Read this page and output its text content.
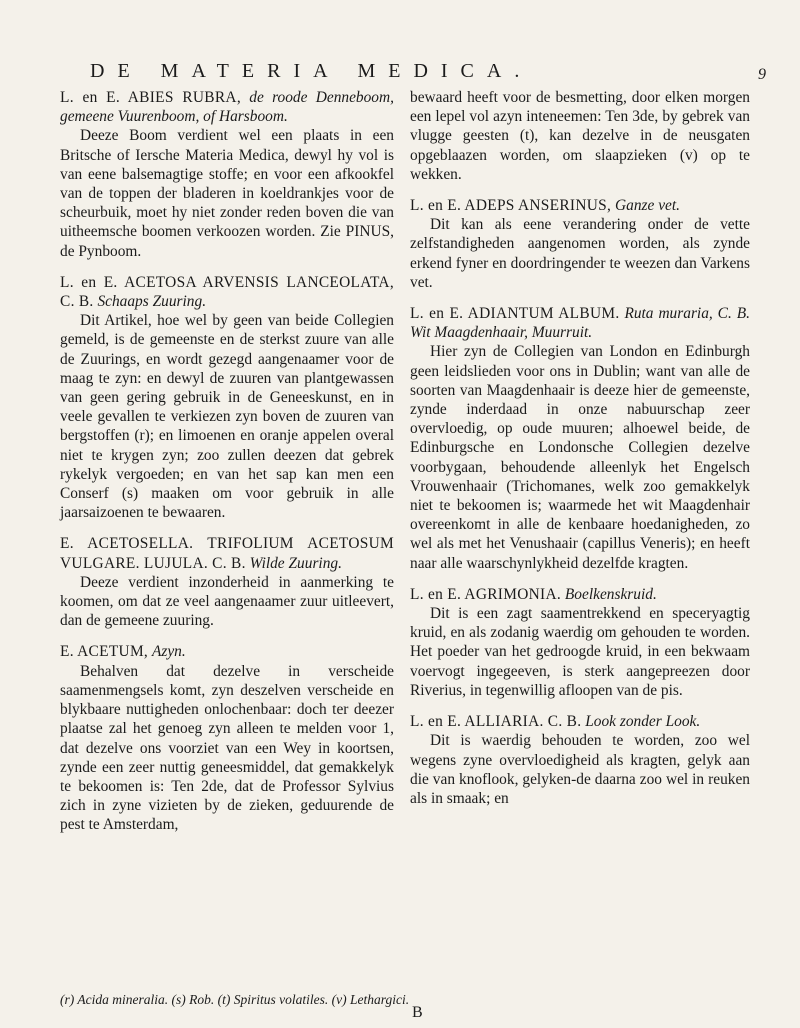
DE MATERIA MEDICA.	9

L. en E. ABIES RUBRA, de roode Denneboom, gemeene Vuurenboom, of Harsboom.

Deeze Boom verdient wel een plaats in een Britsche of Iersche Materia Medica, dewyl hy vol is van eene balsemagtige stoffe; en voor een afkookfel van de toppen der bladeren in koeldrankjes voor de scheurbuik, moet hy niet zonder reden boven die van uitheemsche boomen verkoozen worden. Zie PINUS, de Pynboom.

L. en E. ACETOSA ARVENSIS LANCEOLATA, C. B. Schaaps Zuuring.

Dit Artikel, hoe wel by geen van beide Collegien gemeld, is de gemeenste en de sterkst zuure van alle de Zuurings, en wordt gezegd aangenaamer voor de maag te zyn: en dewyl de zuuren van plantgewassen van geen gering gebruik in de Geneeskunst, en in veele gevallen te verkiezen zyn boven de zuuren van bergstoffen (r); en limoenen en oranje appelen overal niet te krygen zyn; zoo zullen deezen dat gebrek rykelyk vergoeden; en van het sap kan men een Conserf (s) maaken om voor gebruik in alle jaarsaizoenen te bewaaren.

E. ACETOSELLA. TRIFOLIUM ACETOSUM VULGARE. LUJULA. C. B. Wilde Zuuring.

Deeze verdient inzonderheid in aanmerking te koomen, om dat ze veel aangenaamer zuur uitleevert, dan de gemeene zuuring.

E. ACETUM, Azyn.

Behalven dat dezelve in verscheide saamenmengsels komt, zyn deszelven verscheide en blykbaare nuttigheden onlochenbaar: doch ter deezer plaatse zal het genoeg zyn alleen te melden voor 1, dat dezelve ons voorziet van een Wey in koortsen, zynde een zeer nuttig geneesmiddel, dat gemakkelyk te bekoomen is: Ten 2de, dat de Professor Sylvius zich in zyne vizieten by de zieken, geduurende de pest te Amsterdam,

bewaard heeft voor de besmetting, door elken morgen een lepel vol azyn inteneemen: Ten 3de, by gebrek van vlugge geesten (t), kan dezelve in de neusgaten opgeblaazen worden, om slaapzieken (v) op te wekken.

L. en E. ADEPS ANSERINUS, Ganze vet.

Dit kan als eene verandering onder de vette zelfstandigheden aangenomen worden, als zynde erkend fyner en doordringender te weezen dan Varkens vet.

L. en E. ADIANTUM ALBUM. Ruta muraria, C. B. Wit Maagdenhaair, Muurruit.

Hier zyn de Collegien van London en Edinburgh geen leidslieden voor ons in Dublin; want van alle de soorten van Maagdenhaair is deeze hier de gemeenste, zynde inderdaad in onze nabuurschap zeer overvloedig, op oude muuren; alhoewel beide, de Edinburgsche en Londonsche Collegien dezelve voorbygaan, behoudende alleenlyk het Engelsch Vrouwenhaair (Trichomanes, welk zoo gemakkelyk niet te bekoomen is; waarmede het wit Maagdenhair overeenkomt in alle de kenbaare hoedanigheden, zo wel als met het Venushaair (capillus Veneris); en heeft naar alle waarschynlykheid dezelfde kragten.

L. en E. AGRIMONIA. Boelkenskruid.

Dit is een zagt saamentrekkend en speceryagtig kruid, en als zodanig waerdig om gehouden te worden. Het poeder van het gedroogde kruid, in een bekwaam voervogt ingegeeven, is sterk aangepreezen door Riverius, in tegenwillig afloopen van de pis.

L. en E. ALLIARIA. C. B. Look zonder Look.

Dit is waerdig behouden te worden, zoo wel wegens zyne overvloedigheid als kragten, gelyk aan die van knoflook, gelyken-de daarna zoo wel in reuken als in smaak; en

(r) Acida mineralia. (s) Rob. (t) Spiritus volatiles. (v) Lethargici.
B
